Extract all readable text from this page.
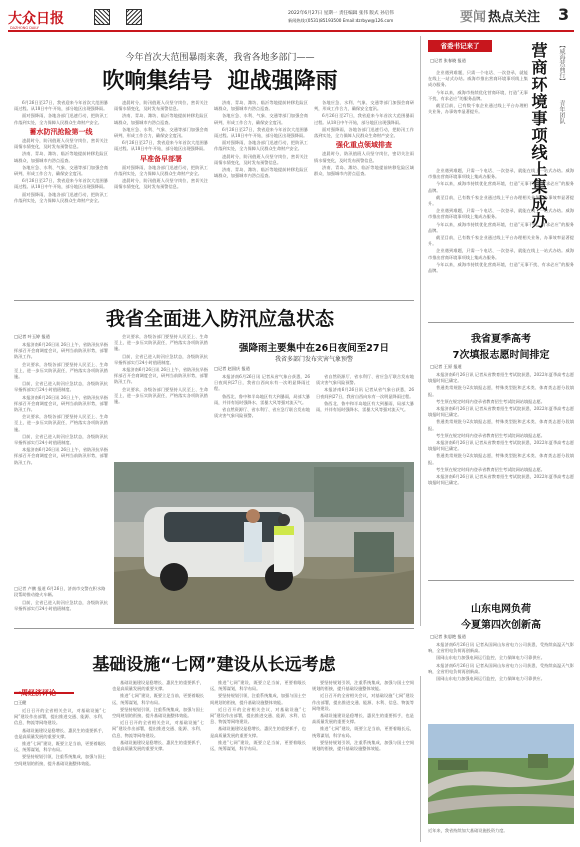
大众日报
DAZHONG DAILY
2022年6月27日 星期一 责任编辑 张伟 版式 孙启伟
新闻热线:(0531)85193500 Email:dzrbyw@126.com	要闻 热点关注 3
今年首次大范围暴雨来袭，我省各地多部门——
吹响集结号  迎战强降雨

6月26日至27日，我省迎来今年首次大范围暴雨过程。从18日中午开始，部分地区出现强降雨。

面对强降雨，各地各部门迅速行动，把防汛工作落到实处，全力保障人民群众生命财产安全。

蓄水防汛抢险第一线

凌晨时分，防汛值班人员坚守岗位，密切关注雨情水情变化，及时发布预警信息。

济南、青岛、潍坊、临沂等地提前转移危险区域群众，加强城市内涝点巡查。

各地应急、水利、气象、交通等部门加强会商研判，形成工作合力，确保安全度汛。

6月26日至27日，我省迎来今年首次大范围暴雨过程。从18日中午开始，部分地区出现强降雨。

面对强降雨，各地各部门迅速行动，把防汛工作落到实处，全力保障人民群众生命财产安全。

凌晨时分，防汛值班人员坚守岗位，密切关注雨情水情变化，及时发布预警信息。

济南、青岛、潍坊、临沂等地提前转移危险区域群众，加强城市内涝点巡查。

各地应急、水利、气象、交通等部门加强会商研判，形成工作合力，确保安全度汛。

6月26日至27日，我省迎来今年首次大范围暴雨过程。从18日中午开始，部分地区出现强降雨。

早准备早部署

面对强降雨，各地各部门迅速行动，把防汛工作落到实处，全力保障人民群众生命财产安全。

凌晨时分，防汛值班人员坚守岗位，密切关注雨情水情变化，及时发布预警信息。

济南、青岛、潍坊、临沂等地提前转移危险区域群众，加强城市内涝点巡查。

各地应急、水利、气象、交通等部门加强会商研判，形成工作合力，确保安全度汛。

6月26日至27日，我省迎来今年首次大范围暴雨过程。从18日中午开始，部分地区出现强降雨。

面对强降雨，各地各部门迅速行动，把防汛工作落到实处，全力保障人民群众生命财产安全。

凌晨时分，防汛值班人员坚守岗位，密切关注雨情水情变化，及时发布预警信息。

济南、青岛、潍坊、临沂等地提前转移危险区域群众，加强城市内涝点巡查。

各地应急、水利、气象、交通等部门加强会商研判，形成工作合力，确保安全度汛。

6月26日至27日，我省迎来今年首次大范围暴雨过程。从18日中午开始，部分地区出现强降雨。

面对强降雨，各地各部门迅速行动，把防汛工作落到实处，全力保障人民群众生命财产安全。

强化重点领域排查

凌晨时分，防汛值班人员坚守岗位，密切关注雨情水情变化，及时发布预警信息。

济南、青岛、潍坊、临沂等地提前转移危险区域群众，加强城市内涝点巡查。

我省全面进入防汛应急状态
□记者 叶玉婷 报道

本报济南6月26日讯 26日上午，省防汛抗旱指挥部召开会商调度会议，研判当前防汛形势，部署防汛工作。

会议要求，各级各部门要坚持人民至上、生命至上，进一步压实防汛责任，严格落实各项防汛措施。

目前，全省已进入防汛应急状态，各级防汛抗旱指挥部实行24小时值班制度。

本报济南6月26日讯 26日上午，省防汛抗旱指挥部召开会商调度会议，研判当前防汛形势，部署防汛工作。

会议要求，各级各部门要坚持人民至上、生命至上，进一步压实防汛责任，严格落实各项防汛措施。

目前，全省已进入防汛应急状态，各级防汛抗旱指挥部实行24小时值班制度。

本报济南6月26日讯 26日上午，省防汛抗旱指挥部召开会商调度会议，研判当前防汛形势，部署防汛工作。

会议要求，各级各部门要坚持人民至上、生命至上，进一步压实防汛责任，严格落实各项防汛措施。

目前，全省已进入防汛应急状态，各级防汛抗旱指挥部实行24小时值班制度。

本报济南6月26日讯 26日上午，省防汛抗旱指挥部召开会商调度会议，研判当前防汛形势，部署防汛工作。

会议要求，各级各部门要坚持人民至上、生命至上，进一步压实防汛责任，严格落实各项防汛措施。

强降雨主要集中在26日夜间至27日
我省多部门发布灾害气象预警
□记者 赵国庆 报道

本报济南6月26日讯 记者从省气象台获悉，26日夜间到27日，我省自西向东有一次明显降雨过程。

鲁西北、鲁中和半岛地区有大到暴雨，局部大暴雨，并伴有短时强降水、雷暴大风等强对流天气。

省自然资源厅、省水利厅、省应急厅联合发布地质灾害气象风险预警。

省自然资源厅、省水利厅、省应急厅联合发布地质灾害气象风险预警。

本报济南6月26日讯 记者从省气象台获悉，26日夜间到27日，我省自西向东有一次明显降雨过程。

鲁西北、鲁中和半岛地区有大到暴雨，局部大暴雨，并伴有短时强降水、雷暴大风等强对流天气。

□记者 卢鹏 报道 6月26日，济南市交警在积水路段帮助推动熄火车辆。

目前，全省已进入防汛应急状态，各级防汛抗旱指挥部实行24小时值班制度。

省委书记来了
□记者 张春晓 报道

企业遇到难题，只需一个电话、一次登录，就能在线上一站式办结。威海市推出营商环境事项线上集成办服务。

今年以来，威海市持续优化营商环境，打造“无事不扰、有求必应”的服务品牌。

截至目前，已有数千家企业通过线上平台办理相关业务，办事效率显著提升。	营商环境事项线上集成办	【威海营商行】
青年团队

企业遇到难题，只需一个电话、一次登录，就能在线上一站式办结。威海市推出营商环境事项线上集成办服务。

今年以来，威海市持续优化营商环境，打造“无事不扰、有求必应”的服务品牌。

截至目前，已有数千家企业通过线上平台办理相关业务，办事效率显著提升。

企业遇到难题，只需一个电话、一次登录，就能在线上一站式办结。威海市推出营商环境事项线上集成办服务。

今年以来，威海市持续优化营商环境，打造“无事不扰、有求必应”的服务品牌。

截至目前，已有数千家企业通过线上平台办理相关业务，办事效率显著提升。

企业遇到难题，只需一个电话、一次登录，就能在线上一站式办结。威海市推出营商环境事项线上集成办服务。

今年以来，威海市持续优化营商环境，打造“无事不扰、有求必应”的服务品牌。

我省夏季高考
7次填报志愿时间排定
□记者 王原 报道

本报济南6月26日讯 记者从省教育招生考试院获悉，2022年夏季高考志愿填报时间已确定。

普通类常规批分2次填报志愿，特殊类型批和艺术类、体育类志愿分段填报。

考生须在规定时间内登录省教育招生考试院网站填报志愿。

本报济南6月26日讯 记者从省教育招生考试院获悉，2022年夏季高考志愿填报时间已确定。

普通类常规批分2次填报志愿，特殊类型批和艺术类、体育类志愿分段填报。

考生须在规定时间内登录省教育招生考试院网站填报志愿。

本报济南6月26日讯 记者从省教育招生考试院获悉，2022年夏季高考志愿填报时间已确定。

普通类常规批分2次填报志愿，特殊类型批和艺术类、体育类志愿分段填报。

考生须在规定时间内登录省教育招生考试院网站填报志愿。

本报济南6月26日讯 记者从省教育招生考试院获悉，2022年夏季高考志愿填报时间已确定。

山东电网负荷
今夏第四次创新高
□记者 张思艳 报道

本报济南6月26日讯 记者从国网山东省电力公司获悉，受持续高温天气影响，全省用电负荷再创新高。

国网山东电力加强电网运行监控，全力保障电力可靠供应。

本报济南6月26日讯 记者从国网山东省电力公司获悉，受持续高温天气影响，全省用电负荷再创新高。

国网山东电力加强电网运行监控，全力保障电力可靠供应。

基础设施“七网”建设从长远考虑
一周经济评论
□王健

近日召开的全省相关会议，对基础设施“七网”建设作出部署，提出推进交通、能源、水利、信息、物流等网络建设。

基础设施建设是稳增长、惠民生的重要抓手，也是高质量发展的重要支撑。

推进“七网”建设，既要立足当前，更要着眼长远，统筹谋划，科学布局。

要坚持规划引领，注重系统集成，加强与国土空间规划的衔接，提升基础设施整体效能。

基础设施建设是稳增长、惠民生的重要抓手，也是高质量发展的重要支撑。

推进“七网”建设，既要立足当前，更要着眼长远，统筹谋划，科学布局。

要坚持规划引领，注重系统集成，加强与国土空间规划的衔接，提升基础设施整体效能。

近日召开的全省相关会议，对基础设施“七网”建设作出部署，提出推进交通、能源、水利、信息、物流等网络建设。

基础设施建设是稳增长、惠民生的重要抓手，也是高质量发展的重要支撑。

推进“七网”建设，既要立足当前，更要着眼长远，统筹谋划，科学布局。

要坚持规划引领，注重系统集成，加强与国土空间规划的衔接，提升基础设施整体效能。

近日召开的全省相关会议，对基础设施“七网”建设作出部署，提出推进交通、能源、水利、信息、物流等网络建设。

基础设施建设是稳增长、惠民生的重要抓手，也是高质量发展的重要支撑。

推进“七网”建设，既要立足当前，更要着眼长远，统筹谋划，科学布局。

要坚持规划引领，注重系统集成，加强与国土空间规划的衔接，提升基础设施整体效能。

近日召开的全省相关会议，对基础设施“七网”建设作出部署，提出推进交通、能源、水利、信息、物流等网络建设。

基础设施建设是稳增长、惠民生的重要抓手，也是高质量发展的重要支撑。

推进“七网”建设，既要立足当前，更要着眼长远，统筹谋划，科学布局。

要坚持规划引领，注重系统集成，加强与国土空间规划的衔接，提升基础设施整体效能。

近年来，我省持续加大基础设施投资力度。
